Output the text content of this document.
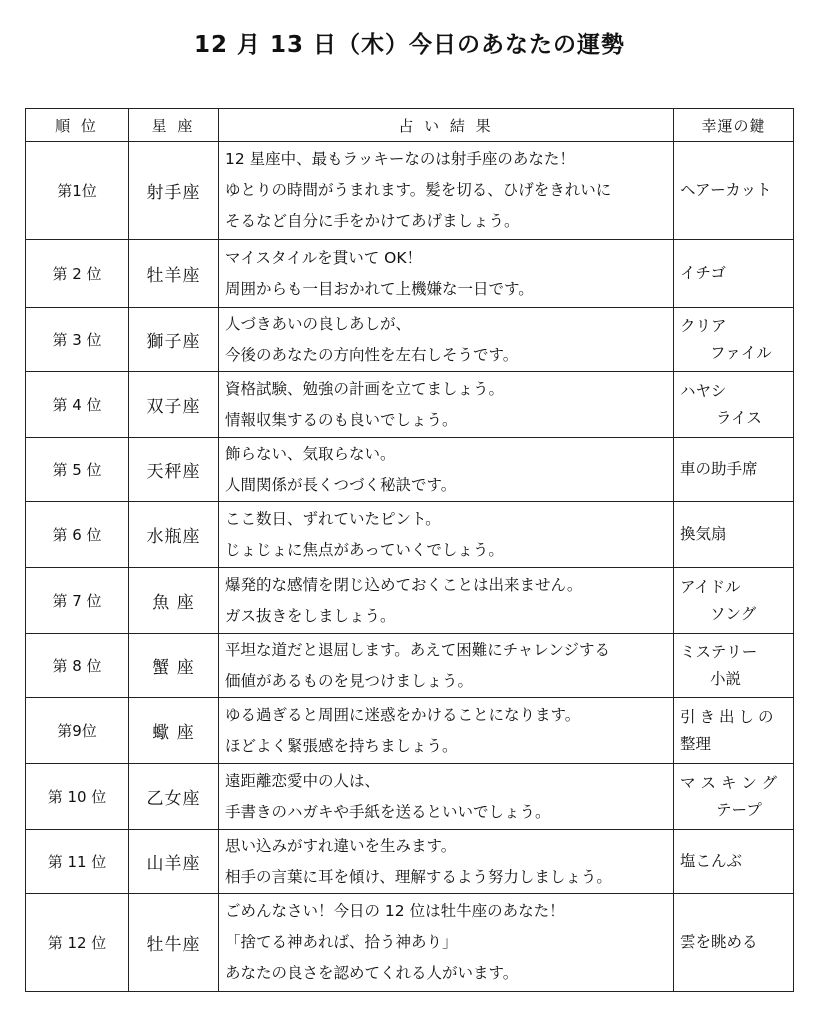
12 月 13 日（木）今日のあなたの運勢
順 位	星 座	占 い 結 果	幸運の鍵
第1位	射手座	12 星座中、最もラッキーなのは射手座のあなた！
ゆとりの時間がうまれます。髪を切る、ひげをきれいに
そるなど自分に手をかけてあげましょう。	ヘアーカット

第 2 位	牡羊座	マイスタイルを貫いて OK！
周囲からも一目おかれて上機嫌な一日です。	イチゴ

第 3 位	獅子座	人づきあいの良しあしが、
今後のあなたの方向性を左右しそうです。	クリア
ファイル

第 4 位	双子座	資格試験、勉強の計画を立てましょう。
情報収集するのも良いでしょう。	ハヤシ
ライス

第 5 位	天秤座	飾らない、気取らない。
人間関係が長くつづく秘訣です。	車の助手席

第 6 位	水瓶座	ここ数日、ずれていたピント。
じょじょに焦点があっていくでしょう。	換気扇

第 7 位	魚 座	爆発的な感情を閉じ込めておくことは出来ません。
ガス抜きをしましょう。	アイドル
ソング

第 8 位	蟹 座	平坦な道だと退屈します。あえて困難にチャレンジする
価値があるものを見つけましょう。	ミステリー
小説

第9位	蠍 座	ゆる過ぎると周囲に迷惑をかけることになります。
ほどよく緊張感を持ちましょう。	引き出しの
整理

第 10 位	乙女座	遠距離恋愛中の人は、
手書きのハガキや手紙を送るといいでしょう。	マスキング
テープ

第 11 位	山羊座	思い込みがすれ違いを生みます。
相手の言葉に耳を傾け、理解するよう努力しましょう。	塩こんぶ

第 12 位	牡牛座	ごめんなさい！今日の 12 位は牡牛座のあなた！
「捨てる神あれば、拾う神あり」
あなたの良さを認めてくれる人がいます。	雲を眺める
